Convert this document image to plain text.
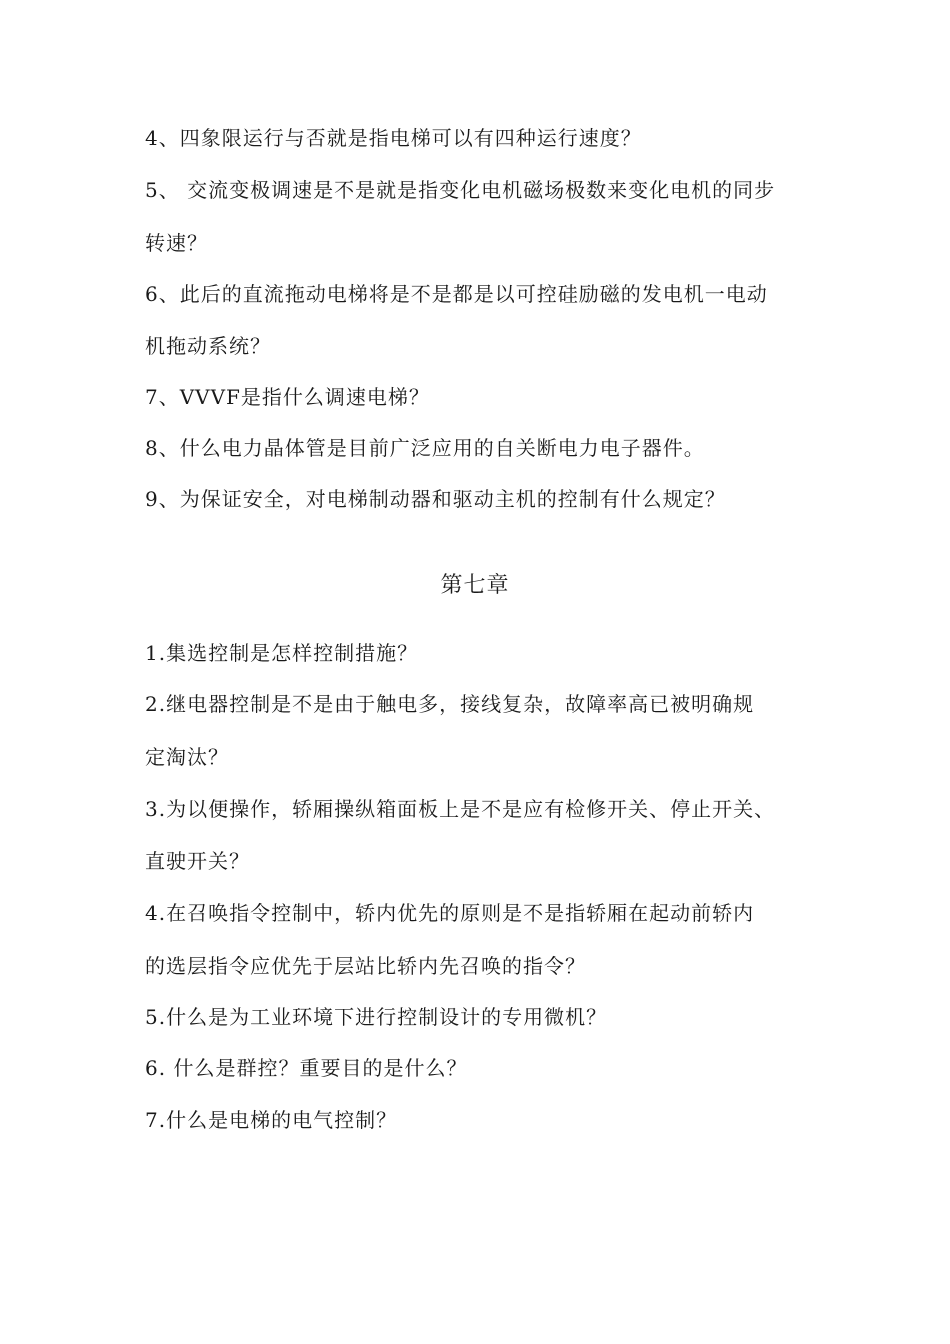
4、四象限运行与否就是指电梯可以有四种运行速度？
5、 交流变极调速是不是就是指变化电机磁场极数来变化电机的同步
转速？
6、此后的直流拖动电梯将是不是都是以可控硅励磁的发电机一电动
机拖动系统？
7、VVVF是指什么调速电梯？
8、什么电力晶体管是目前广泛应用的自关断电力电子器件。
9、为保证安全，对电梯制动器和驱动主机的控制有什么规定？
第七章
1.集选控制是怎样控制措施？
2.继电器控制是不是由于触电多，接线复杂，故障率高已被明确规
定淘汰？
3.为以便操作，轿厢操纵箱面板上是不是应有检修开关、停止开关、
直驶开关？
4.在召唤指令控制中，轿内优先的原则是不是指轿厢在起动前轿内
的选层指令应优先于层站比轿内先召唤的指令？
5.什么是为工业环境下进行控制设计的专用微机？
6. 什么是群控？重要目的是什么？
7.什么是电梯的电气控制？
